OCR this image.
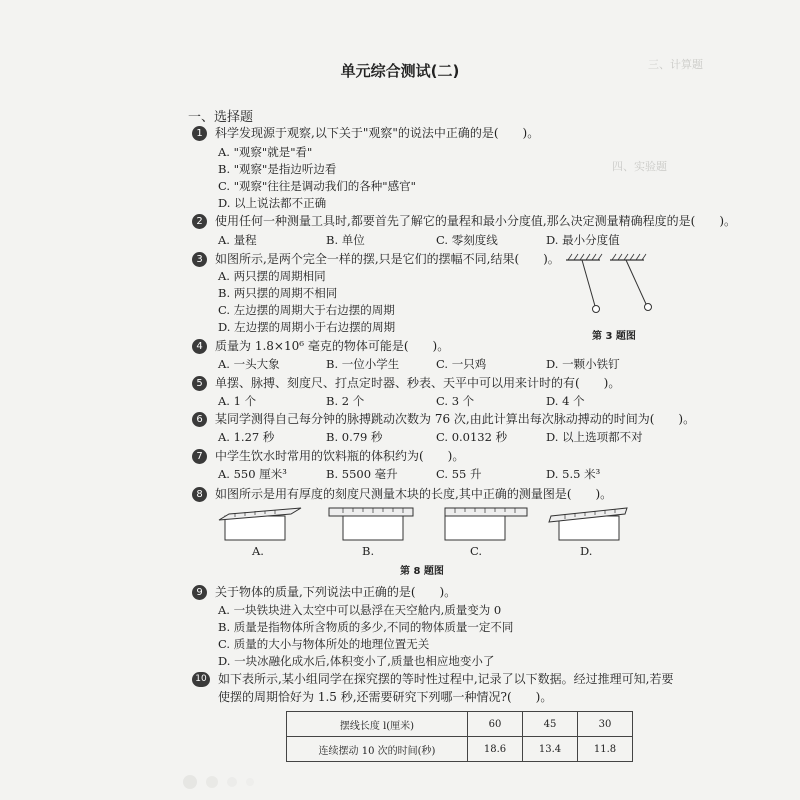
三、计算题
四、实验题
单元综合测试(二)
一、选择题
1 科学发现源于观察,以下关于"观察"的说法中正确的是(　　)。
A. "观察"就是"看"
B. "观察"是指边听边看
C. "观察"往往是调动我们的各种"感官"
D. 以上说法都不正确
2 使用任何一种测量工具时,都要首先了解它的量程和最小分度值,那么决定测量精确程度的是(　　)。
A. 量程	B. 单位	C. 零刻度线	D. 最小分度值
3 如图所示,是两个完全一样的摆,只是它们的摆幅不同,结果(　　)。
A. 两只摆的周期相同
B. 两只摆的周期不相同
C. 左边摆的周期大于右边摆的周期
D. 左边摆的周期小于右边摆的周期
第 3 题图
4 质量为 1.8×10⁶ 毫克的物体可能是(　　)。
A. 一头大象	B. 一位小学生	C. 一只鸡	D. 一颗小铁钉
5 单摆、脉搏、刻度尺、打点定时器、秒表、天平中可以用来计时的有(　　)。
A. 1 个	B. 2 个	C. 3 个	D. 4 个
6 某同学测得自己每分钟的脉搏跳动次数为 76 次,由此计算出每次脉动搏动的时间为(　　)。
A. 1.27 秒	B. 0.79 秒	C. 0.0132 秒	D. 以上选项都不对
7 中学生饮水时常用的饮料瓶的体积约为(　　)。
A. 550 厘米³	B. 5500 毫升	C. 55 升	D. 5.5 米³
8 如图所示是用有厚度的刻度尺测量木块的长度,其中正确的测量图是(　　)。
A.	B.	C.	D.
第 8 题图
9 关于物体的质量,下列说法中正确的是(　　)。
A. 一块铁块进入太空中可以悬浮在天空舱内,质量变为 0
B. 质量是指物体所含物质的多少,不同的物体质量一定不同
C. 质量的大小与物体所处的地理位置无关
D. 一块冰融化成水后,体积变小了,质量也相应地变小了
10 如下表所示,某小组同学在探究摆的等时性过程中,记录了以下数据。经过推理可知,若要
使摆的周期恰好为 1.5 秒,还需要研究下列哪一种情况?(　　)。
摆线长度 l(厘米)	60	45	30
连续摆动 10 次的时间(秒)	18.6	13.4	11.8
